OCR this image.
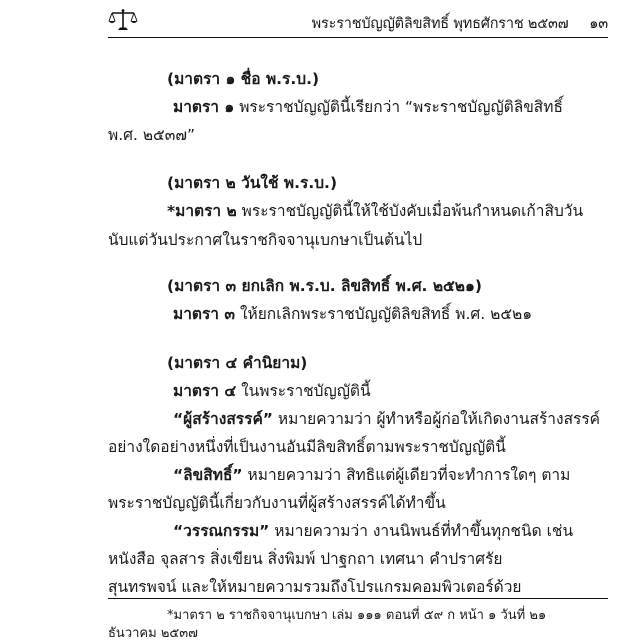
พระราชบัญญัติลิขสิทธิ์ พุทธศักราช ๒๕๓๗ ๑๓
(มาตรา ๑ ชื่อ พ.ร.บ.)
มาตรา ๑ พระราชบัญญัตินี้เรียกว่า “พระราชบัญญัติลิขสิทธิ์
พ.ศ. ๒๕๓๗”
(มาตรา ๒ วันใช้ พ.ร.บ.)
*มาตรา ๒ พระราชบัญญัตินี้ให้ใช้บังคับเมื่อพ้นกำหนดเก้าสิบวัน
นับแต่วันประกาศในราชกิจจานุเบกษาเป็นต้นไป
(มาตรา ๓ ยกเลิก พ.ร.บ. ลิขสิทธิ์ พ.ศ. ๒๕๒๑)
มาตรา ๓ ให้ยกเลิกพระราชบัญญัติลิขสิทธิ์ พ.ศ. ๒๕๒๑
(มาตรา ๔ คำนิยาม)
มาตรา ๔ ในพระราชบัญญัตินี้
“ผู้สร้างสรรค์” หมายความว่า ผู้ทำหรือผู้ก่อให้เกิดงานสร้างสรรค์
อย่างใดอย่างหนึ่งที่เป็นงานอันมีลิขสิทธิ์ตามพระราชบัญญัตินี้
“ลิขสิทธิ์” หมายความว่า สิทธิแต่ผู้เดียวที่จะทำการใดๆ ตาม
พระราชบัญญัตินี้เกี่ยวกับงานที่ผู้สร้างสรรค์ได้ทำขึ้น
“วรรณกรรม” หมายความว่า งานนิพนธ์ที่ทำขึ้นทุกชนิด เช่น
หนังสือ จุลสาร สิ่งเขียน สิ่งพิมพ์ ปาฐกถา เทศนา คำปราศรัย
สุนทรพจน์ และให้หมายความรวมถึงโปรแกรมคอมพิวเตอร์ด้วย
*มาตรา ๒ ราชกิจจานุเบกษา เล่ม ๑๑๑ ตอนที่ ๕๙ ก หน้า ๑ วันที่ ๒๑
ธันวาคม ๒๕๓๗
